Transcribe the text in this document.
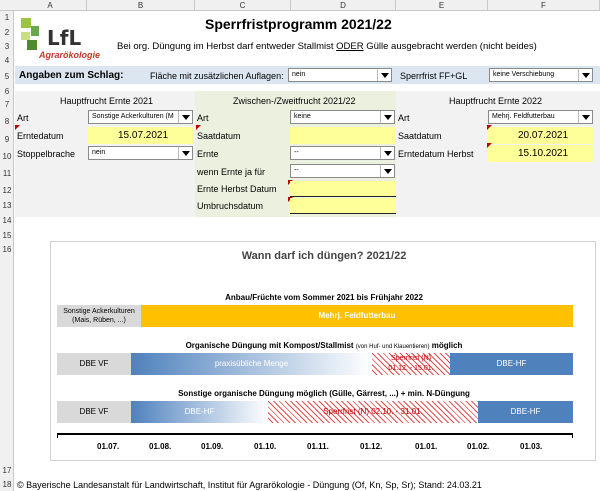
A	B	C	D	E	F
1
2
3
4
5
6
7
8
9
10
11
12
13
14
15
16
17
18
LfL
Agrarökologie
Sperrfristprogramm 2021/22
Bei org. Düngung im Herbst darf entweder Stallmist ODER Gülle ausgebracht werden (nicht beides)
Angaben zum Schlag:	Fläche mit zusätzlichen Auflagen:	nein	Sperrfrist FF+GL	keine Verschiebung
Hauptfrucht Ernte 2021
Art	Sonstige Ackerkulturen (M
Erntedatum	15.07.2021
Stoppelbrache	nein
Zwischen-/Zweitfrucht 2021/22
Art	keine
Saatdatum
Ernte	--
wenn Ernte ja für	--
Ernte Herbst Datum
Umbruchsdatum
Hauptfrucht Ernte 2022
Art	Mehrj. Feldfutterbau
Saatdatum	20.07.2021
Erntedatum Herbst	15.10.2021
Wann darf ich düngen? 2021/22
Anbau/Früchte vom Sommer 2021 bis Frühjahr 2022
Sonstige Ackerkulturen
(Mais, Rüben, ...)
Mehrj. Feldfutterbau
Organische Düngung mit Kompost/Stallmist (von Huf- und Klauentieren) möglich
DBE VF	praxisübliche Menge
Sperrfrist (N)
01.12. - 15.01.
DBE-HF
Sonstige organische Düngung möglich (Gülle, Gärrest, ...) + min. N-Düngung
DBE VF	DBE-HF	Sperrfrist (N) 02.10. - 31.01.	DBE-HF
01.07.	01.08.	01.09.	01.10.	01.11.	01.12.	01.01.	01.02.	01.03.
© Bayerische Landesanstalt für Landwirtschaft, Institut für Agrarökologie - Düngung (Of, Kn, Sp, Sr); Stand: 24.03.21
